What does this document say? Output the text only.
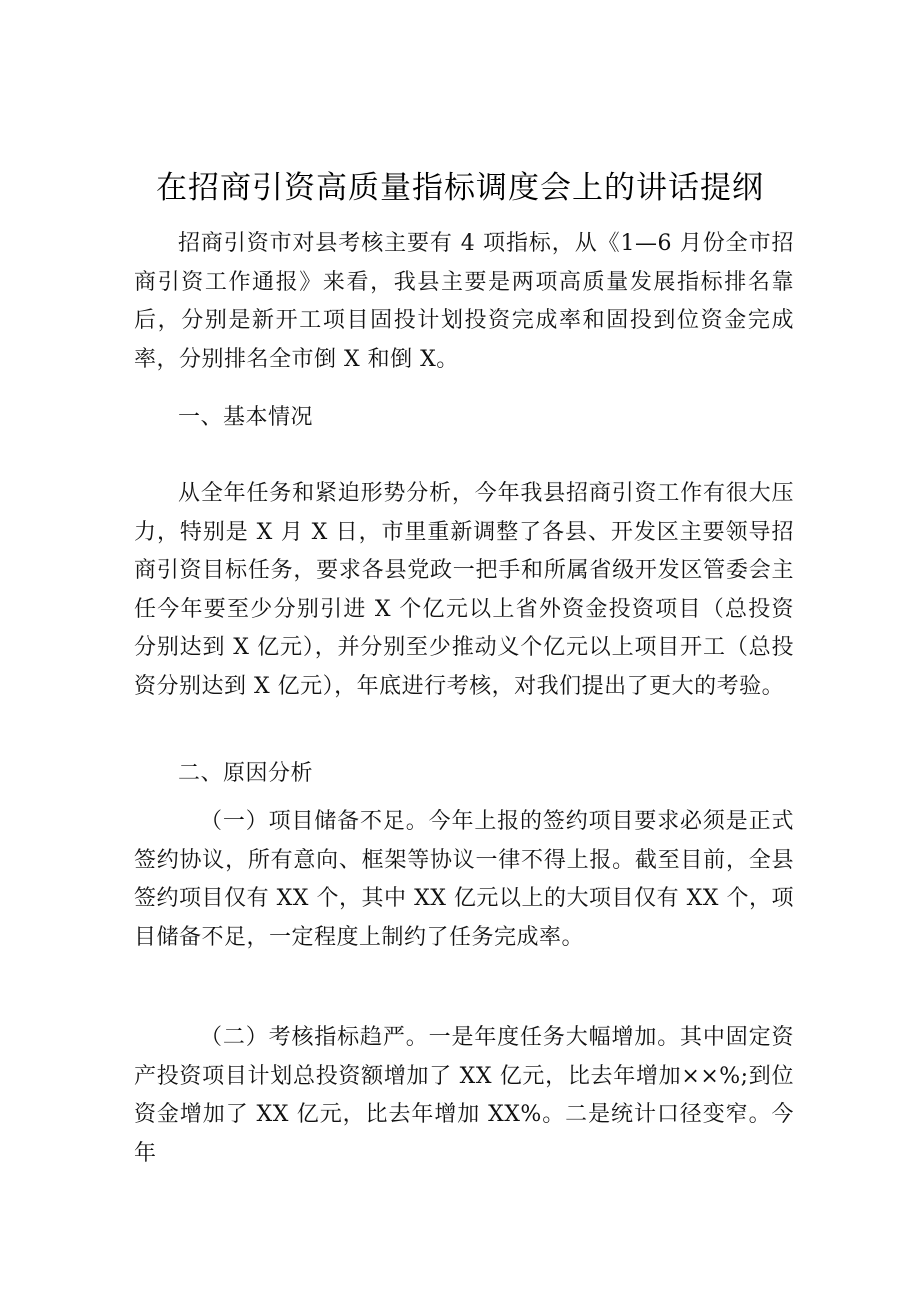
在招商引资高质量指标调度会上的讲话提纲

招商引资市对县考核主要有 4 项指标，从《1—6 月份全市招商引资工作通报》来看，我县主要是两项高质量发展指标排名靠后，分别是新开工项目固投计划投资完成率和固投到位资金完成率，分别排名全市倒 X 和倒 X。

一、基本情况

从全年任务和紧迫形势分析，今年我县招商引资工作有很大压力，特别是 X 月 X 日，市里重新调整了各县、开发区主要领导招商引资目标任务，要求各县党政一把手和所属省级开发区管委会主任今年要至少分别引进 X 个亿元以上省外资金投资项目（总投资分别达到 X 亿元），并分别至少推动义个亿元以上项目开工（总投资分别达到 X 亿元），年底进行考核，对我们提出了更大的考验。

二、原因分析

（一）项目储备不足。今年上报的签约项目要求必须是正式签约协议，所有意向、框架等协议一律不得上报。截至目前，全县签约项目仅有 XX 个，其中 XX 亿元以上的大项目仅有 XX 个，项目储备不足，一定程度上制约了任务完成率。

（二）考核指标趋严。一是年度任务大幅增加。其中固定资产投资项目计划总投资额增加了 XX 亿元，比去年增加××%;到位资金增加了 XX 亿元，比去年增加 XX%。二是统计口径变窄。今年
